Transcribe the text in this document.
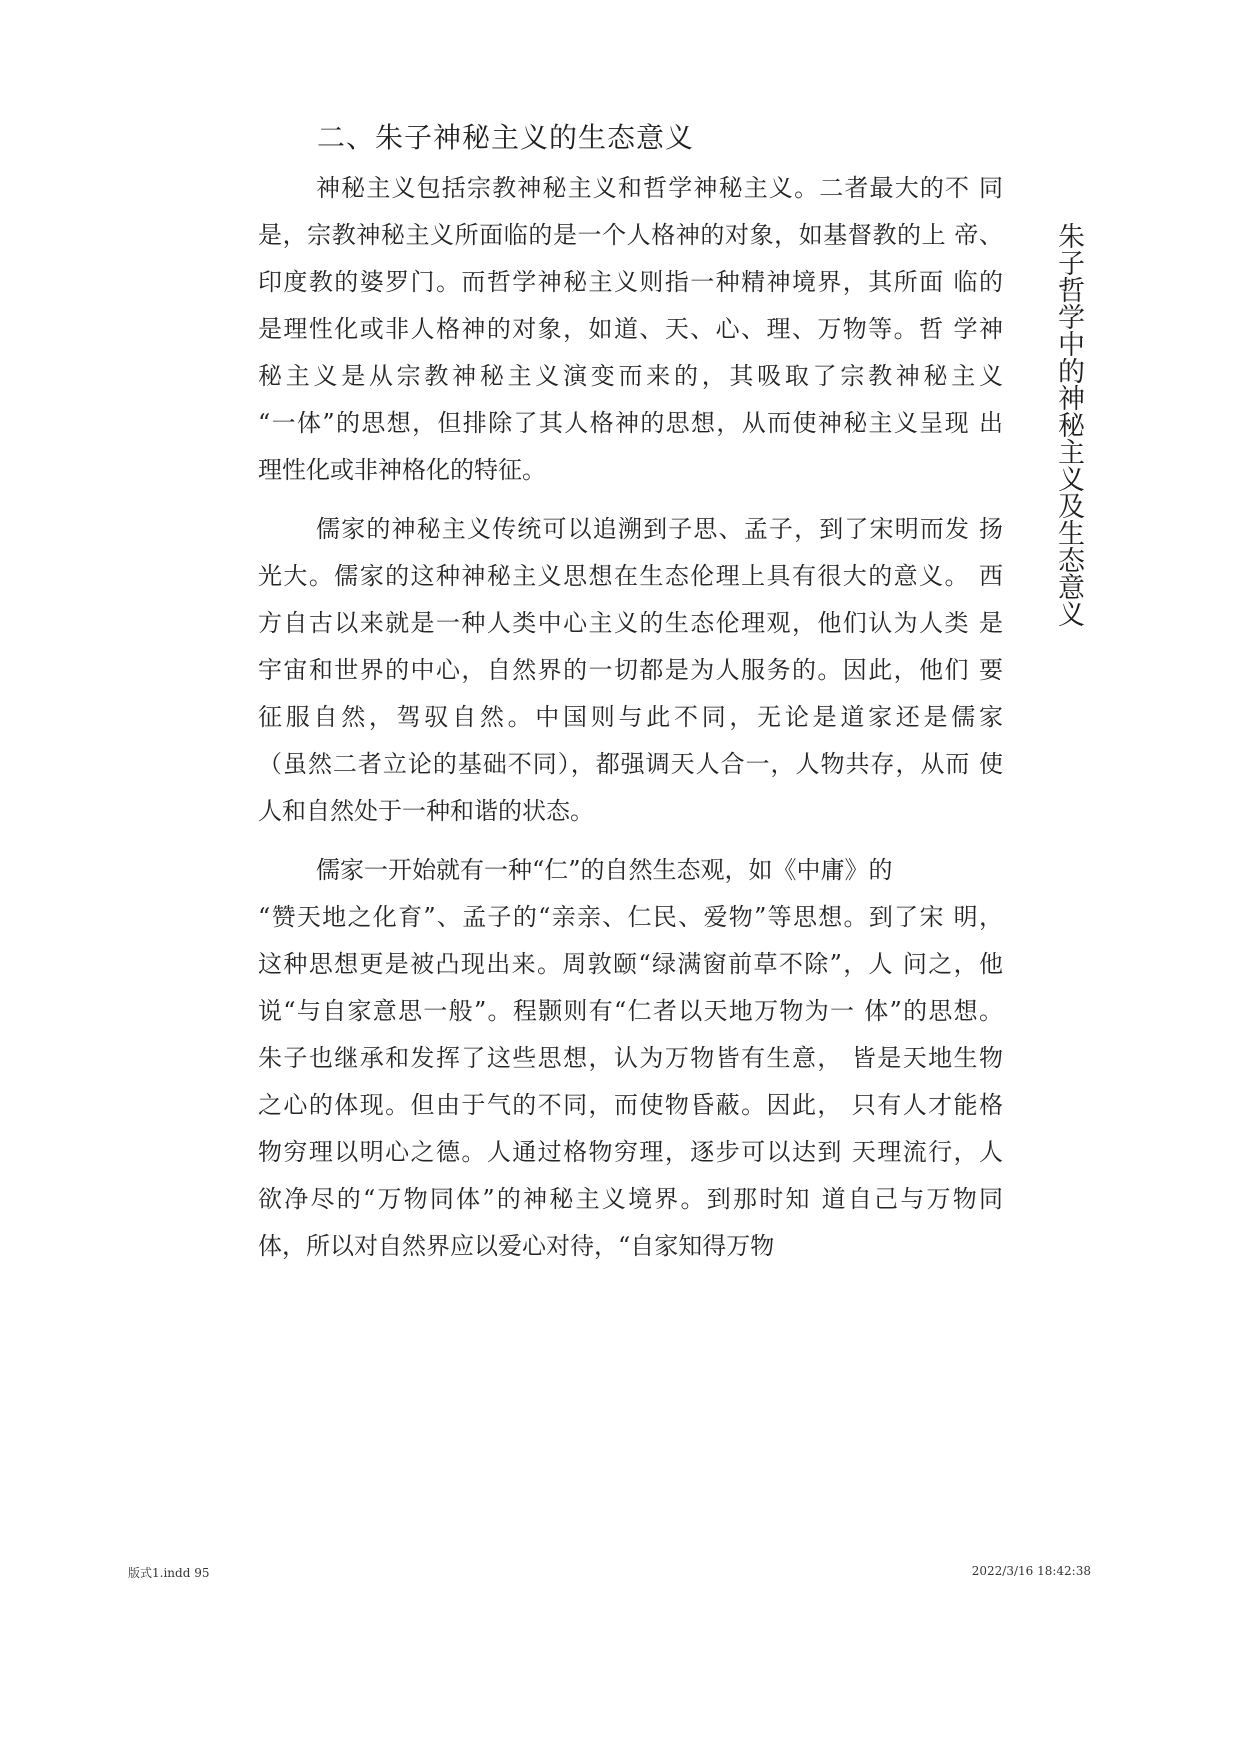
二、朱子神秘主义的生态意义
神秘主义包括宗教神秘主义和哲学神秘主义。二者最大的不 同
是，宗教神秘主义所面临的是一个人格神的对象，如基督教的上 帝、
印度教的婆罗门。而哲学神秘主义则指一种精神境界，其所面 临的
是理性化或非人格神的对象，如道、天、心、理、万物等。哲 学神
秘主义是从宗教神秘主义演变而来的，其吸取了宗教神秘主义
“一体”的思想，但排除了其人格神的思想，从而使神秘主义呈现 出
理性化或非神格化的特征。
儒家的神秘主义传统可以追溯到子思、孟子，到了宋明而发 扬
光大。儒家的这种神秘主义思想在生态伦理上具有很大的意义。 西
方自古以来就是一种人类中心主义的生态伦理观，他们认为人类 是
宇宙和世界的中心，自然界的一切都是为人服务的。因此，他们 要
征服自然，驾驭自然。中国则与此不同，无论是道家还是儒家
（虽然二者立论的基础不同），都强调天人合一，人物共存，从而 使
人和自然处于一种和谐的状态。
儒家一开始就有一种“仁”的自然生态观，如《中庸》的
“赞天地之化育”、孟子的“亲亲、仁民、爱物”等思想。到了宋 明，
这种思想更是被凸现出来。周敦颐“绿满窗前草不除”，人 问之，他
说“与自家意思一般”。程颢则有“仁者以天地万物为一 体”的思想。
朱子也继承和发挥了这些思想，认为万物皆有生意， 皆是天地生物
之心的体现。但由于气的不同，而使物昏蔽。因此， 只有人才能格
物穷理以明心之德。人通过格物穷理，逐步可以达到 天理流行，人
欲净尽的“万物同体”的神秘主义境界。到那时知 道自己与万物同
体，所以对自然界应以爱心对待，“自家知得万物
朱子哲学中的神秘主义及生态意义
版式1.indd 95	2022/3/16 18:42:38
